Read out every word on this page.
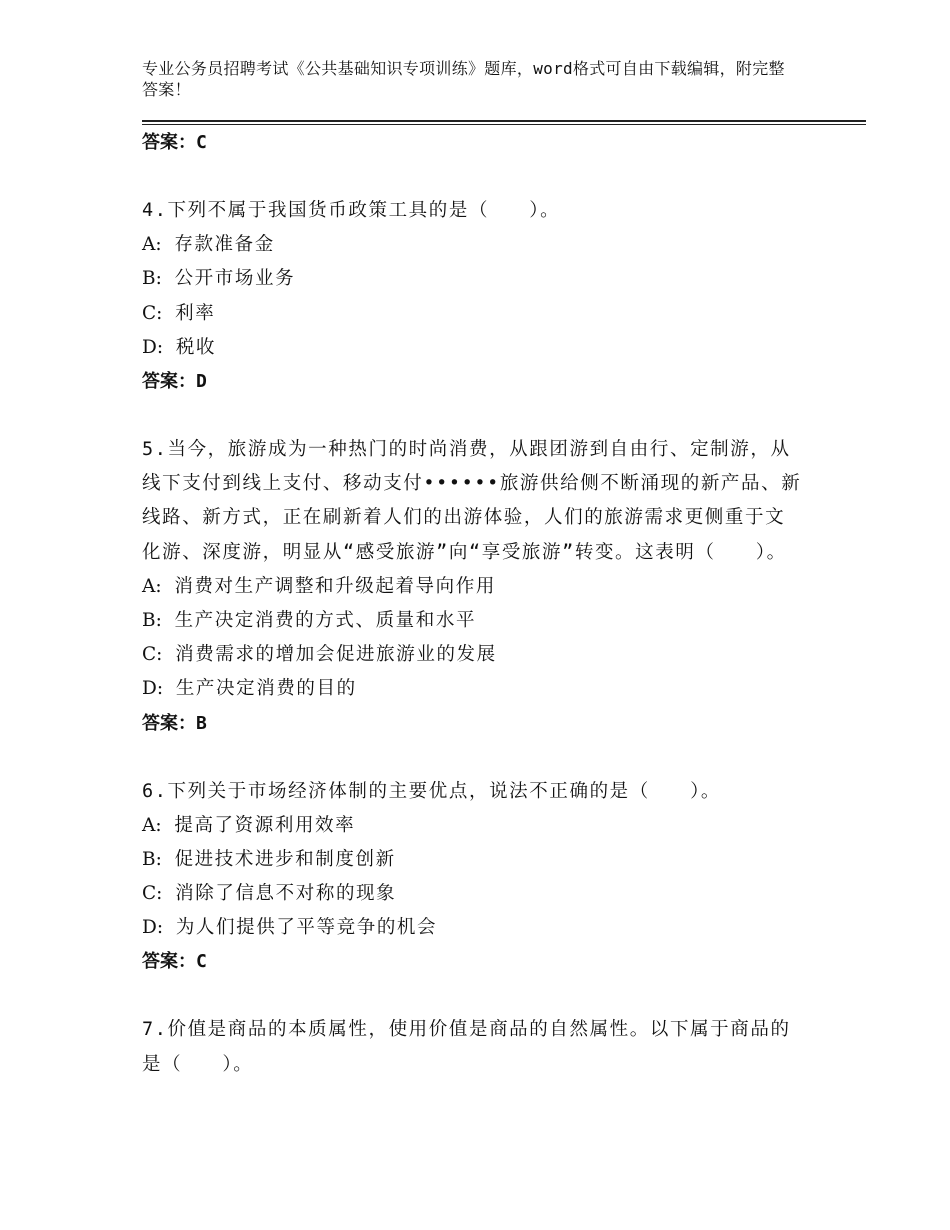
专业公务员招聘考试《公共基础知识专项训练》题库，word格式可自由下载编辑，附完整答案！

答案：C

4.下列不属于我国货币政策工具的是（　　）。

A: 存款准备金

B: 公开市场业务

C: 利率

D: 税收

答案：D

5.当今，旅游成为一种热门的时尚消费，从跟团游到自由行、定制游，从线下支付到线上支付、移动支付••••••旅游供给侧不断涌现的新产品、新线路、新方式，正在刷新着人们的出游体验，人们的旅游需求更侧重于文化游、深度游，明显从“感受旅游”向“享受旅游”转变。这表明（　　）。

A: 消费对生产调整和升级起着导向作用

B: 生产决定消费的方式、质量和水平

C: 消费需求的增加会促进旅游业的发展

D: 生产决定消费的目的

答案：B

6.下列关于市场经济体制的主要优点，说法不正确的是（　　）。

A: 提高了资源利用效率

B: 促进技术进步和制度创新

C: 消除了信息不对称的现象

D: 为人们提供了平等竞争的机会

答案：C

7.价值是商品的本质属性，使用价值是商品的自然属性。以下属于商品的是（　　）。
